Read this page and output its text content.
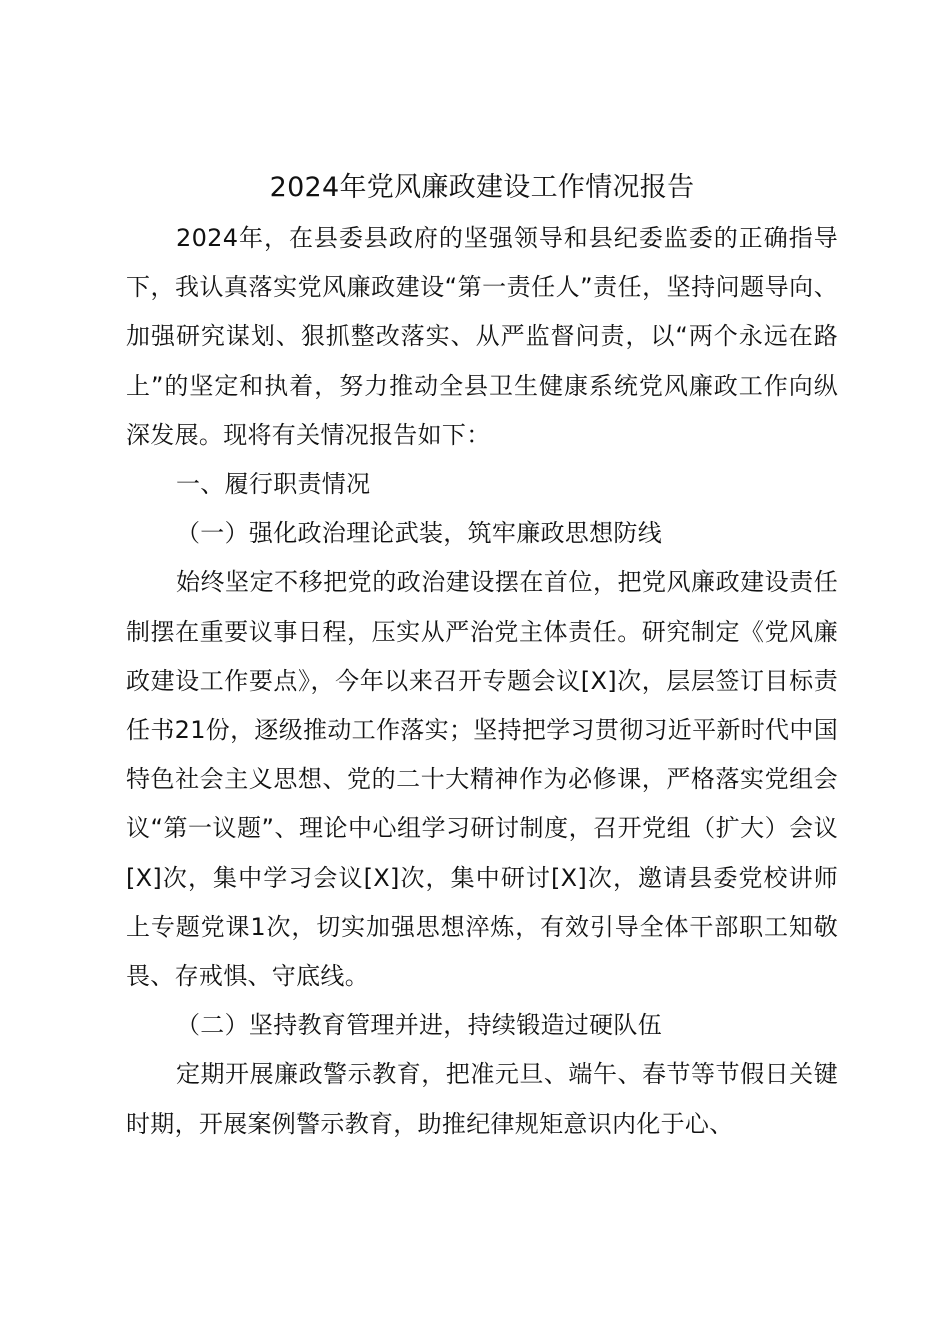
2024年党风廉政建设工作情况报告

2024年，在县委县政府的坚强领导和县纪委监委的正确指导下，我认真落实党风廉政建设“第一责任人”责任，坚持问题导向、加强研究谋划、狠抓整改落实、从严监督问责，以“两个永远在路上”的坚定和执着，努力推动全县卫生健康系统党风廉政工作向纵深发展。现将有关情况报告如下：

一、履行职责情况

（一）强化政治理论武装，筑牢廉政思想防线

始终坚定不移把党的政治建设摆在首位，把党风廉政建设责任制摆在重要议事日程，压实从严治党主体责任。研究制定《党风廉政建设工作要点》，今年以来召开专题会议[X]次，层层签订目标责任书21份，逐级推动工作落实；坚持把学习贯彻习近平新时代中国特色社会主义思想、党的二十大精神作为必修课，严格落实党组会议“第一议题”、理论中心组学习研讨制度，召开党组（扩大）会议[X]次，集中学习会议[X]次，集中研讨[X]次，邀请县委党校讲师上专题党课1次，切实加强思想淬炼，有效引导全体干部职工知敬畏、存戒惧、守底线。

（二）坚持教育管理并进，持续锻造过硬队伍

定期开展廉政警示教育，把准元旦、端午、春节等节假日关键时期，开展案例警示教育，助推纪律规矩意识内化于心、
